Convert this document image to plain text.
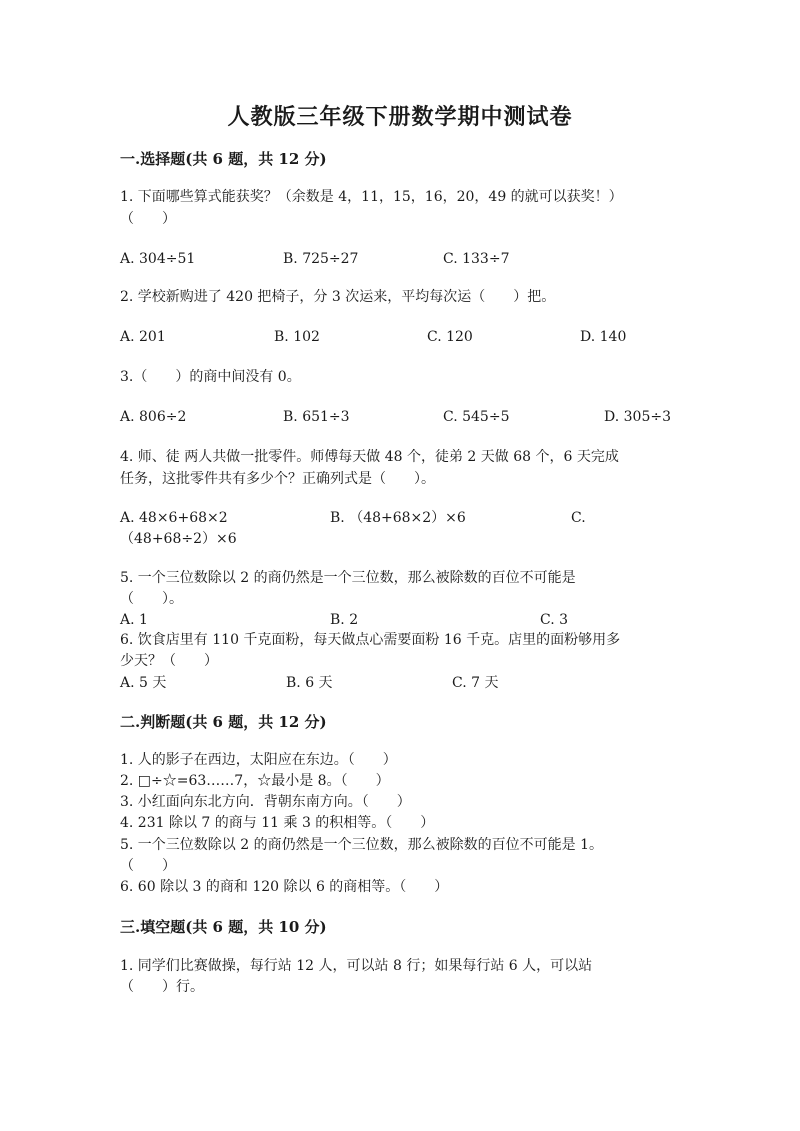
人教版三年级下册数学期中测试卷
一.选择题(共 6 题，共 12 分)
1. 下面哪些算式能获奖？（余数是 4，11，15，16，20，49 的就可以获奖！）
（　　）
A. 304÷51	B. 725÷27	C. 133÷7
2. 学校新购进了 420 把椅子，分 3 次运来，平均每次运（　　）把。
A. 201	B. 102	C. 120	D. 140
3.（　　）的商中间没有 0。
A. 806÷2	B. 651÷3	C. 545÷5	D. 305÷3
4. 师、徒 两人共做一批零件。师傅每天做 48 个，徒弟 2 天做 68 个，6 天完成
任务，这批零件共有多少个？正确列式是（　　）。
A. 48×6+68×2	B. （48+68×2）×6	C.
（48+68÷2）×6
5. 一个三位数除以 2 的商仍然是一个三位数，那么被除数的百位不可能是
（　　）。
A. 1	B. 2	C. 3
6. 饮食店里有 110 千克面粉，每天做点心需要面粉 16 千克。店里的面粉够用多
少天？（　　）
A. 5 天	B. 6 天	C. 7 天
二.判断题(共 6 题，共 12 分)
1. 人的影子在西边，太阳应在东边。（　　）
2. □÷☆=63……7，☆最小是 8。（　　）
3. 小红面向东北方向．背朝东南方向。（　　）
4. 231 除以 7 的商与 11 乘 3 的积相等。（　　）
5. 一个三位数除以 2 的商仍然是一个三位数，那么被除数的百位不可能是 1。
（　　）
6. 60 除以 3 的商和 120 除以 6 的商相等。（　　）
三.填空题(共 6 题，共 10 分)
1. 同学们比赛做操，每行站 12 人，可以站 8 行；如果每行站 6 人，可以站
（　　）行。
